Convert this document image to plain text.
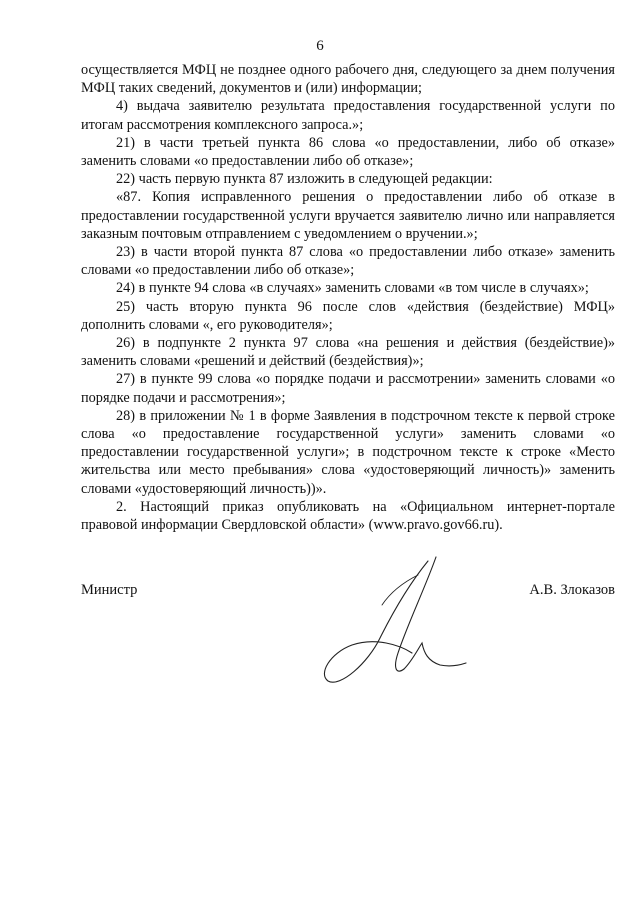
6

осуществляется МФЦ не позднее одного рабочего дня, следующего за днем получения МФЦ таких сведений, документов и (или) информации;

4) выдача заявителю результата предоставления государственной услуги по итогам рассмотрения комплексного запроса.»;

21) в части третьей пункта 86 слова «о предоставлении, либо об отказе» заменить словами «о предоставлении либо об отказе»;

22) часть первую пункта 87 изложить в следующей редакции:

«87. Копия исправленного решения о предоставлении либо об отказе в предоставлении государственной услуги вручается заявителю лично или направляется заказным почтовым отправлением с уведомлением о вручении.»;

23) в части второй пункта 87 слова «о предоставлении либо отказе» заменить словами «о предоставлении либо об отказе»;

24) в пункте 94 слова «в случаях» заменить словами «в том числе в случаях»;

25) часть вторую пункта 96 после слов «действия (бездействие) МФЦ» дополнить словами «, его руководителя»;

26) в подпункте 2 пункта 97 слова «на решения и действия (бездействие)» заменить словами «решений и действий (бездействия)»;

27) в пункте 99 слова «о порядке подачи и рассмотрении» заменить словами «о порядке подачи и рассмотрения»;

28) в приложении № 1 в форме Заявления в подстрочном тексте к первой строке слова «о предоставление государственной услуги» заменить словами «о предоставлении государственной услуги»; в подстрочном тексте к строке «Место жительства или место пребывания» слова «удостоверяющий личность)» заменить словами «удостоверяющий личность))».

2. Настоящий приказ опубликовать на «Официальном интернет-портале правовой информации Свердловской области» (www.pravo.gov66.ru).

Министр	А.В. Злоказов
